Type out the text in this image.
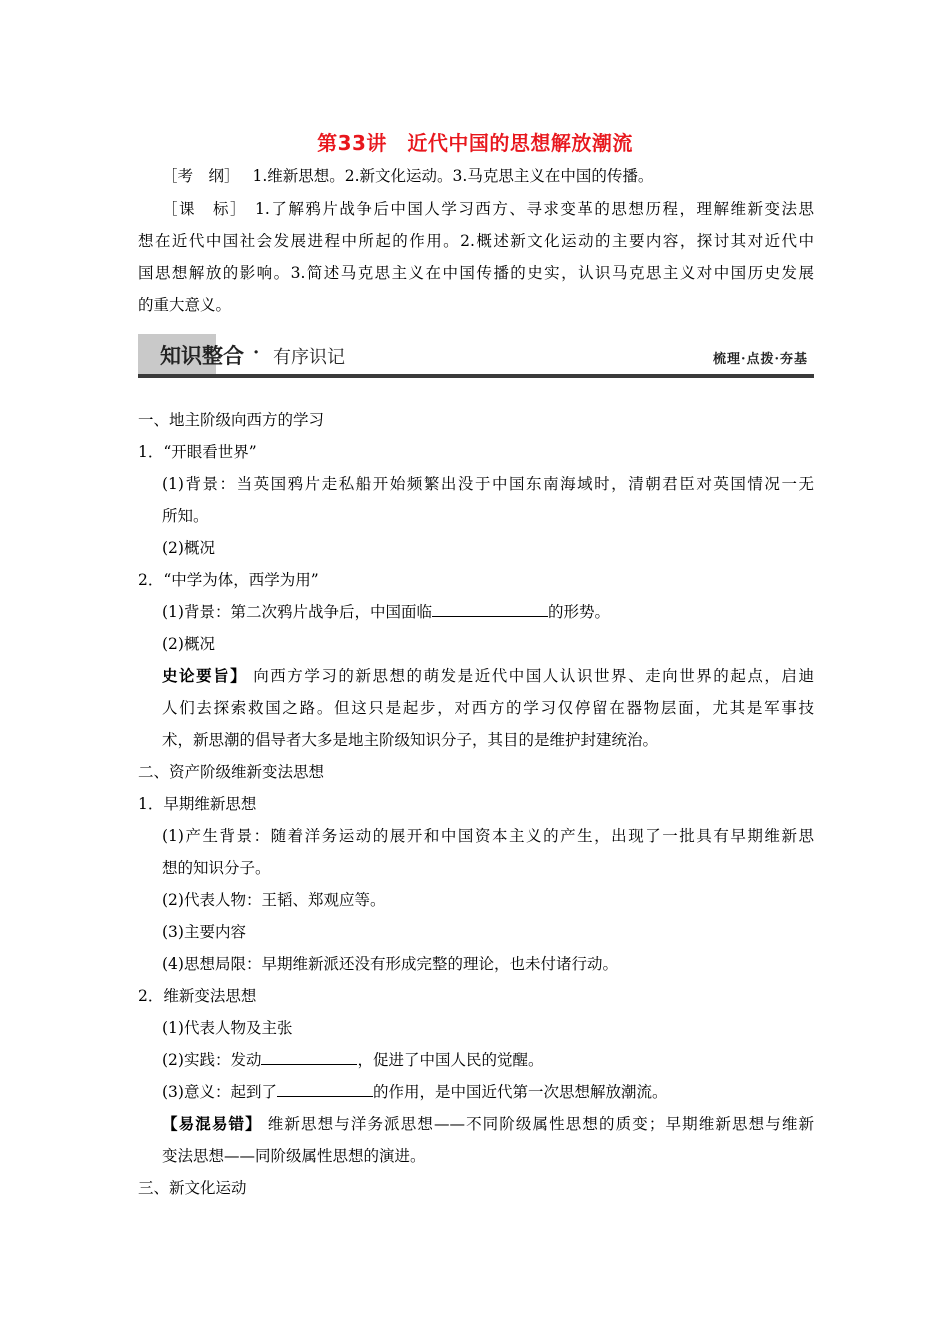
第33讲　近代中国的思想解放潮流
［考　纲］ 1.维新思想。2.新文化运动。3.马克思主义在中国的传播。
［课　标］ 1.了解鸦片战争后中国人学习西方、寻求变革的思想历程，理解维新变法思
想在近代中国社会发展进程中所起的作用。2.概述新文化运动的主要内容，探讨其对近代中
国思想解放的影响。3.简述马克思主义在中国传播的史实，认识马克思主义对中国历史发展
的重大意义。
知识整合 · 有序识记	梳理·点拨·夯基
一、地主阶级向西方的学习
1．“开眼看世界”
(1)背景：当英国鸦片走私船开始频繁出没于中国东南海域时，清朝君臣对英国情况一无
所知。
(2)概况
2．“中学为体，西学为用”
(1)背景：第二次鸦片战争后，中国面临	的形势。
(2)概况
史论要旨】 向西方学习的新思想的萌发是近代中国人认识世界、走向世界的起点，启迪
人们去探索救国之路。但这只是起步，对西方的学习仅停留在器物层面，尤其是军事技
术，新思潮的倡导者大多是地主阶级知识分子，其目的是维护封建统治。
二、资产阶级维新变法思想
1．早期维新思想
(1)产生背景：随着洋务运动的展开和中国资本主义的产生，出现了一批具有早期维新思
想的知识分子。
(2)代表人物：王韬、郑观应等。
(3)主要内容
(4)思想局限：早期维新派还没有形成完整的理论，也未付诸行动。
2．维新变法思想
(1)代表人物及主张
(2)实践：发动	，促进了中国人民的觉醒。
(3)意义：起到了	的作用，是中国近代第一次思想解放潮流。
【易混易错】 维新思想与洋务派思想——不同阶级属性思想的质变；早期维新思想与维新
变法思想——同阶级属性思想的演进。
三、新文化运动
